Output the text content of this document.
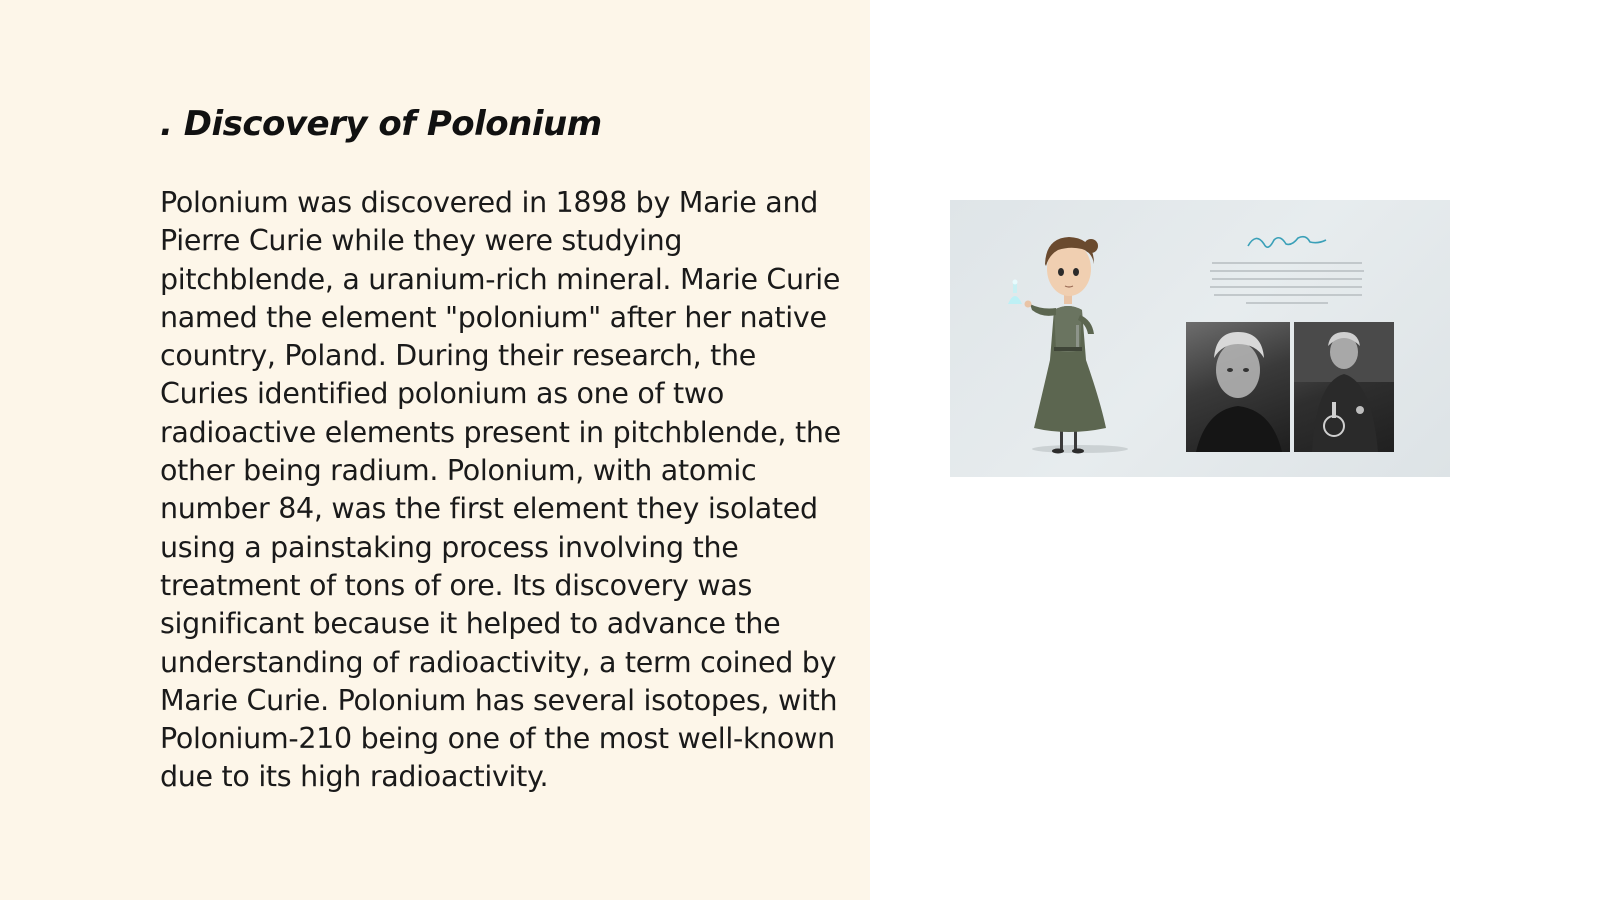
. Discovery of Polonium

Polonium was discovered in 1898 by Marie and Pierre Curie while they were studying pitchblende, a uranium-rich mineral. Marie Curie named the element "polonium" after her native country, Poland. During their research, the Curies identified polonium as one of two radioactive elements present in pitchblende, the other being radium. Polonium, with atomic number 84, was the first element they isolated using a painstaking process involving the treatment of tons of ore. Its discovery was significant because it helped to advance the understanding of radioactivity, a term coined by Marie Curie. Polonium has several isotopes, with Polonium-210 being one of the most well-known due to its high radioactivity.
